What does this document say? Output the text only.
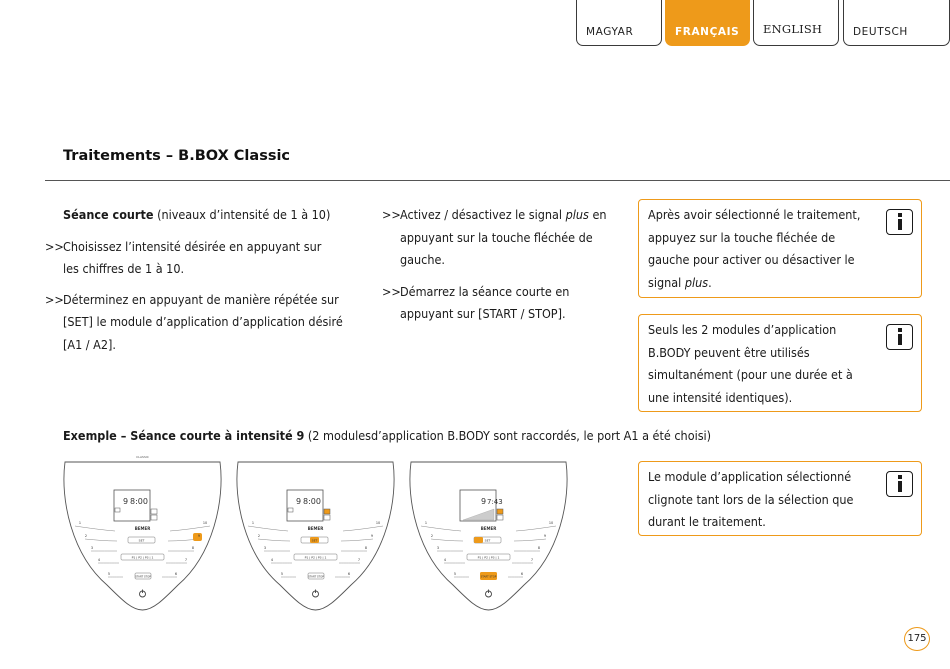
MAGYAR	FRANÇAIS	ENGLISH	DEUTSCH
Traitements – B.BOX Classic

Séance courte (niveaux d’intensité de 1 à 10)

>> Choisissez l’intensité désirée en appuyant sur les chiffres de 1 à 10.

>> Déterminez en appuyant de manière répétée sur [SET] le module d’application d’application désiré [A1 / A2].

>> Activez / désactivez le signal plus en appuyant sur la touche fléchée de gauche.

>> Démarrez la séance courte en appuyant sur [START / STOP].

Après avoir sélectionné le traitement, appuyez sur la touche fléchée de gauche pour activer ou désactiver le signal plus.
Seuls les 2 modules d’application B.BODY peuvent être utilisés simultanément (pour une durée et à une intensité identiques).
Le module d’application sélectionné clignote tant lors de la sélection que durant le traitement.
Exemple – Séance courte à intensité 9 (2 modulesd’application B.BODY sont raccordés, le port A1 a été choisi)
CLASSIC
9 8:00
BEMER
SET
P1 | P2 | P3 | 1
START STOP
9 8:00
BEMER
SET
P1 | P2 | P3 | 1
START STOP
9 7:43
BEMER
SET
P1 | P2 | P3 | 1
START STOP
1
2
3
4
5	6
7
8
9
10	1
2
3
4
5	6
7
8
9
10	1
2
3
4
5	6
7
8
9
10
175
